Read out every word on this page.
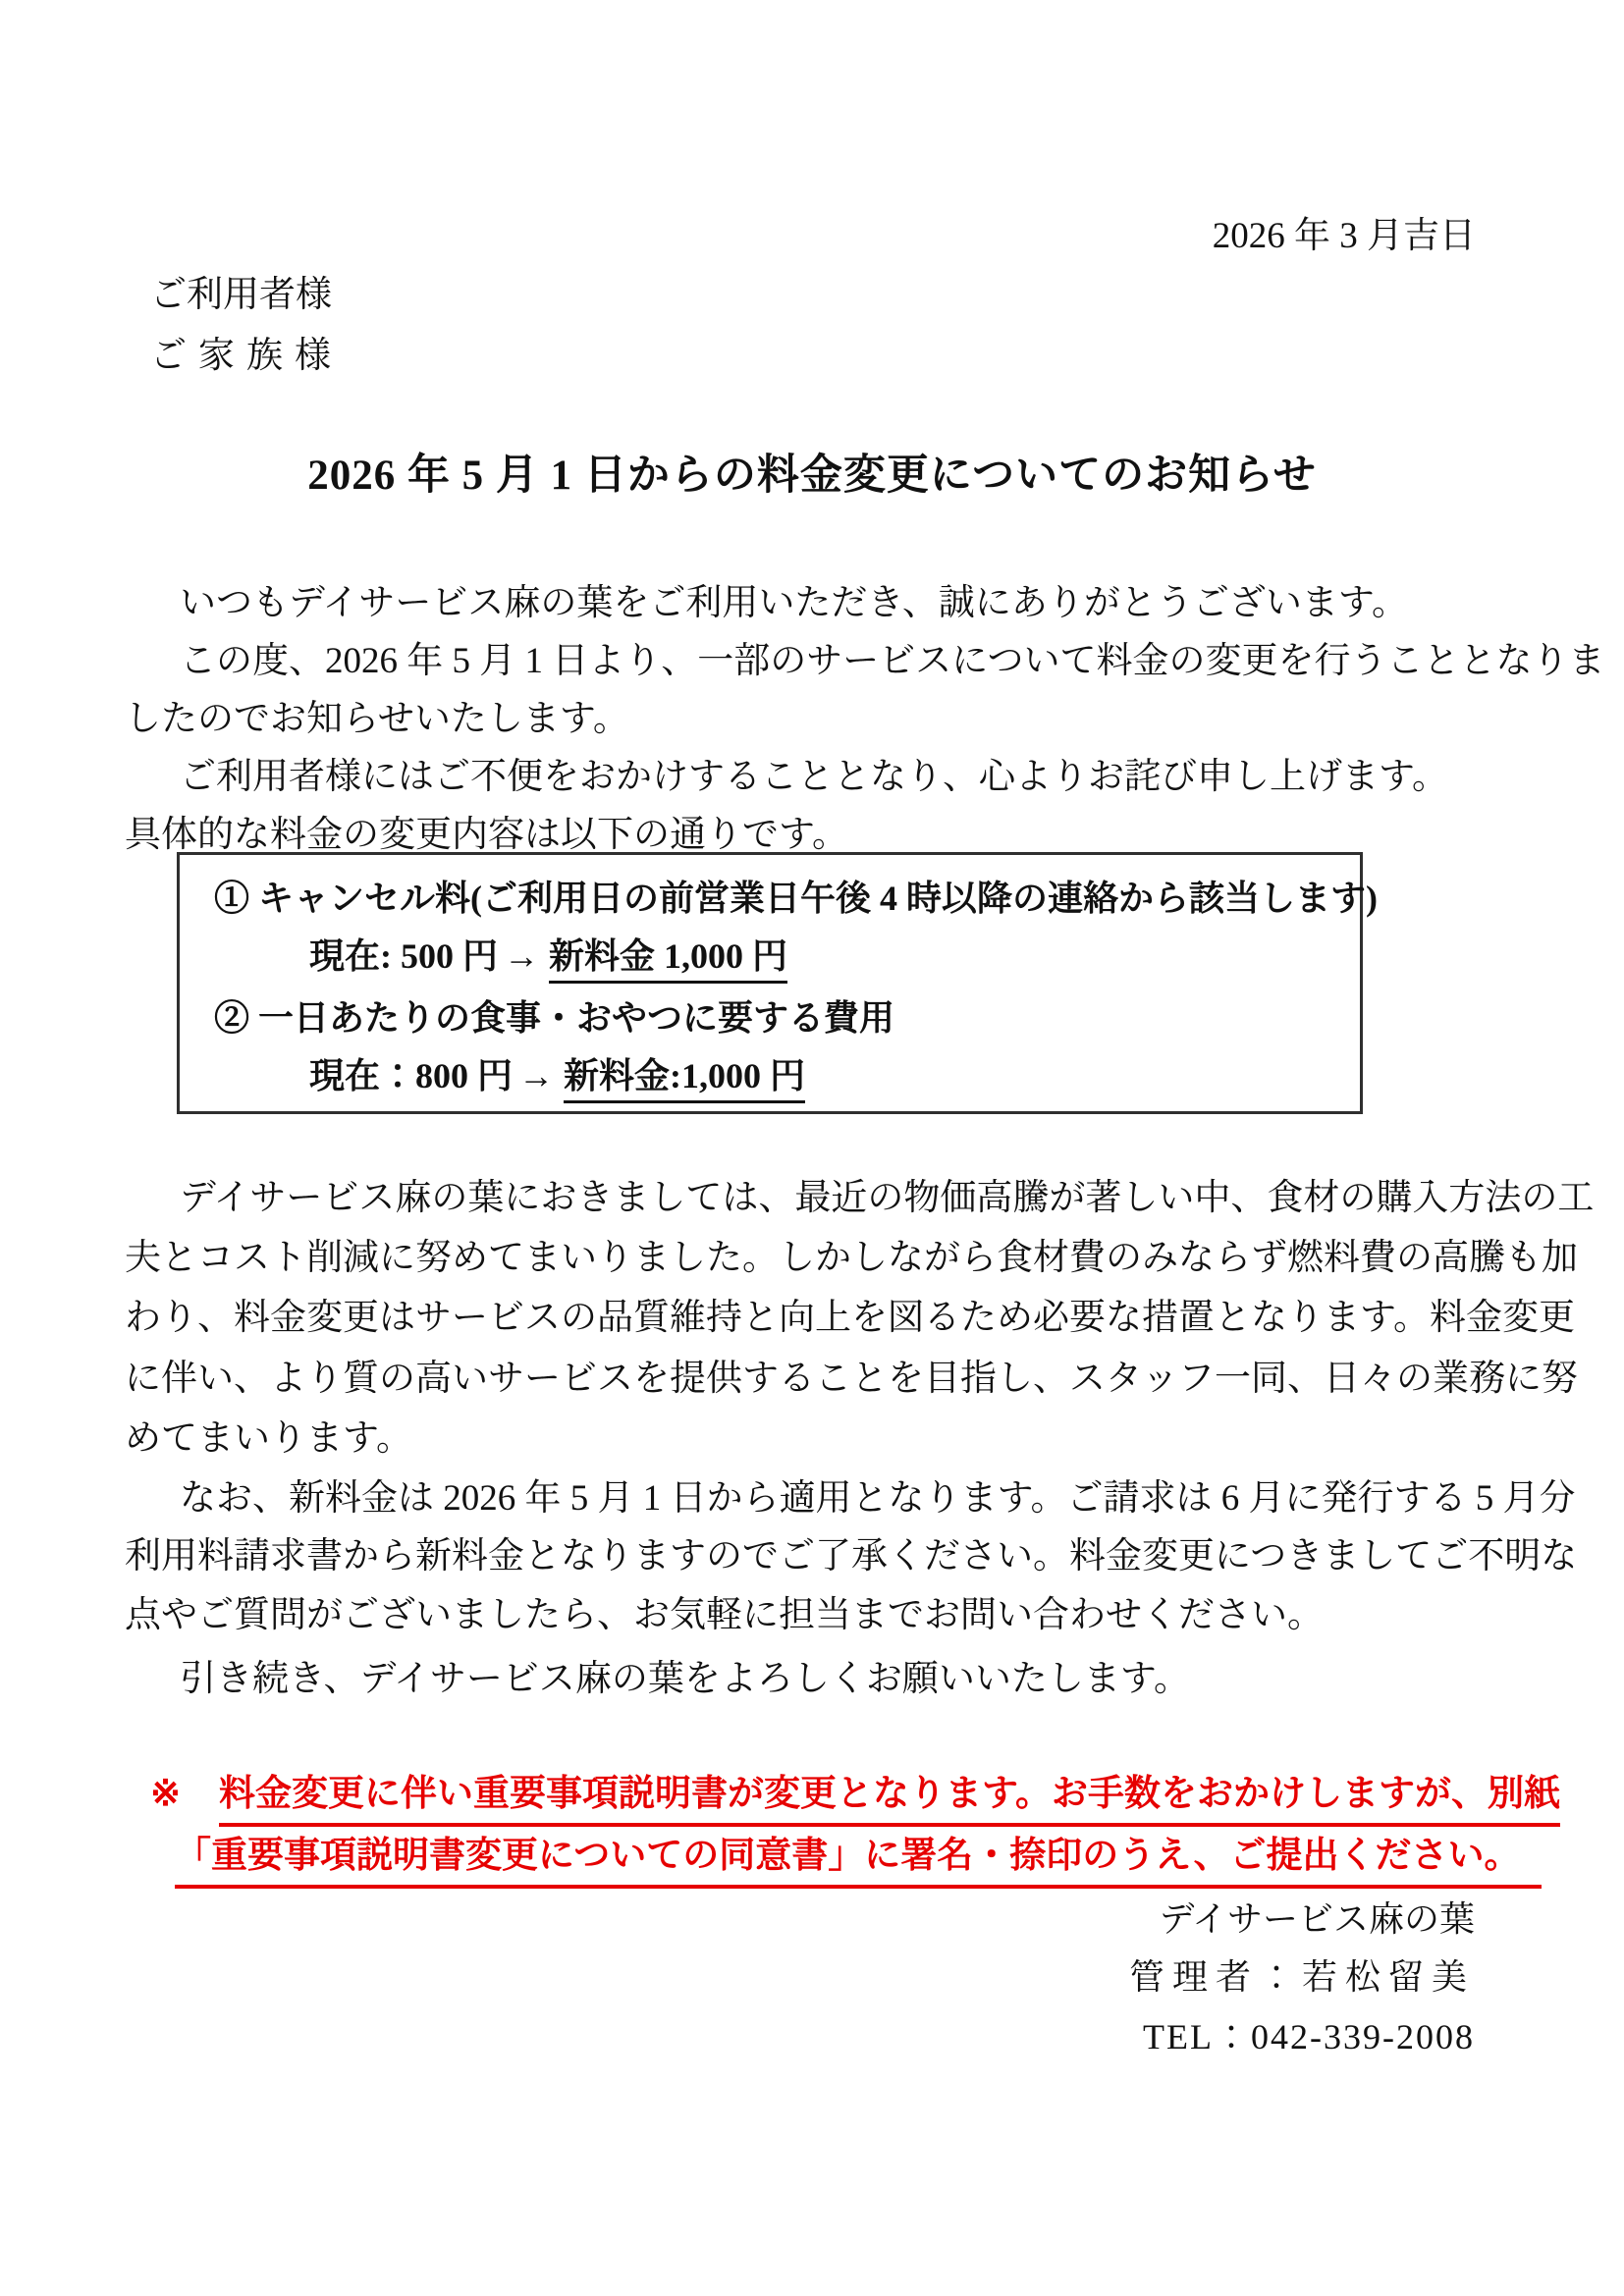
2026 年 3 月吉日
ご利用者様
ご家族様
2026 年 5 月 1 日からの料金変更についてのお知らせ
いつもデイサービス麻の葉をご利用いただき、誠にありがとうございます。
この度、2026 年 5 月 1 日より、一部のサービスについて料金の変更を行うこととなりま
したのでお知らせいたします。
ご利用者様にはご不便をおかけすることとなり、心よりお詫び申し上げます。
具体的な料金の変更内容は以下の通りです。
① キャンセル料(ご利用日の前営業日午後 4 時以降の連絡から該当します)
現在: 500 円 → 新料金 1,000 円
② 一日あたりの食事・おやつに要する費用
現在：800 円 → 新料金:1,000 円
デイサービス麻の葉におきましては、最近の物価高騰が著しい中、食材の購入方法の工
夫とコスト削減に努めてまいりました。しかしながら食材費のみならず燃料費の高騰も加
わり、料金変更はサービスの品質維持と向上を図るため必要な措置となります。料金変更
に伴い、より質の高いサービスを提供することを目指し、スタッフ一同、日々の業務に努
めてまいります。
なお、新料金は 2026 年 5 月 1 日から適用となります。ご請求は 6 月に発行する 5 月分
利用料請求書から新料金となりますのでご了承ください。料金変更につきましてご不明な
点やご質問がございましたら、お気軽に担当までお問い合わせください。
引き続き、デイサービス麻の葉をよろしくお願いいたします。
※ 料金変更に伴い重要事項説明書が変更となります。お手数をおかけしますが、別紙
「重要事項説明書変更についての同意書」に署名・捺印のうえ、ご提出ください。
デイサービス麻の葉
管理者：若松留美
TEL：042-339-2008
